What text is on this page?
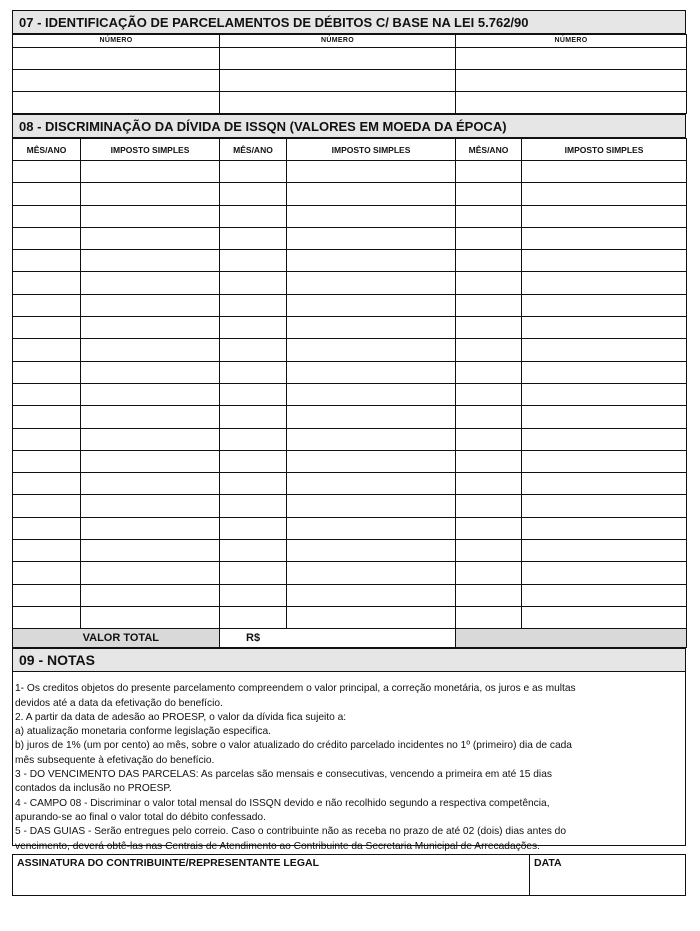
07 - IDENTIFICAÇÃO DE PARCELAMENTOS DE DÉBITOS C/ BASE NA LEI 5.762/90
NÚMERO	NÚMERO	NÚMERO

08 - DISCRIMINAÇÃO DA DÍVIDA DE ISSQN (VALORES EM MOEDA DA ÉPOCA)
MÊS/ANO	IMPOSTO SIMPLES	MÊS/ANO	IMPOSTO SIMPLES	MÊS/ANO	IMPOSTO SIMPLES

VALOR TOTAL		R$			
09 - NOTAS

1- Os creditos objetos do presente parcelamento compreendem o valor principal, a correção monetária, os juros e as multas

devidos até a data da efetivação do benefício.

2. A partir da data de adesão ao PROESP, o valor da dívida fica sujeito a:

a) atualização monetaria conforme legislação especifica.

b) juros de 1% (um por cento) ao mês, sobre o valor atualizado do crédito parcelado incidentes no 1º (primeiro) dia de cada

mês subsequente à efetivação do benefício.

3 - DO VENCIMENTO DAS PARCELAS: As parcelas são mensais e consecutivas, vencendo a primeira em até 15 dias

contados da inclusão no PROESP.

4 - CAMPO 08 - Discriminar o valor total mensal do ISSQN devido e não recolhido segundo a respectiva competência,

apurando-se ao final o valor total do débito confessado.

5 - DAS GUIAS - Serão entregues pelo correio. Caso o contribuinte não as receba no prazo de até 02 (dois) dias antes do

vencimento, deverá obtê-las nas Centrais de Atendimento ao Contribuinte da Secretaria Municipal de Arrecadações.

ASSINATURA DO CONTRIBUINTE/REPRESENTANTE LEGAL	DATA
